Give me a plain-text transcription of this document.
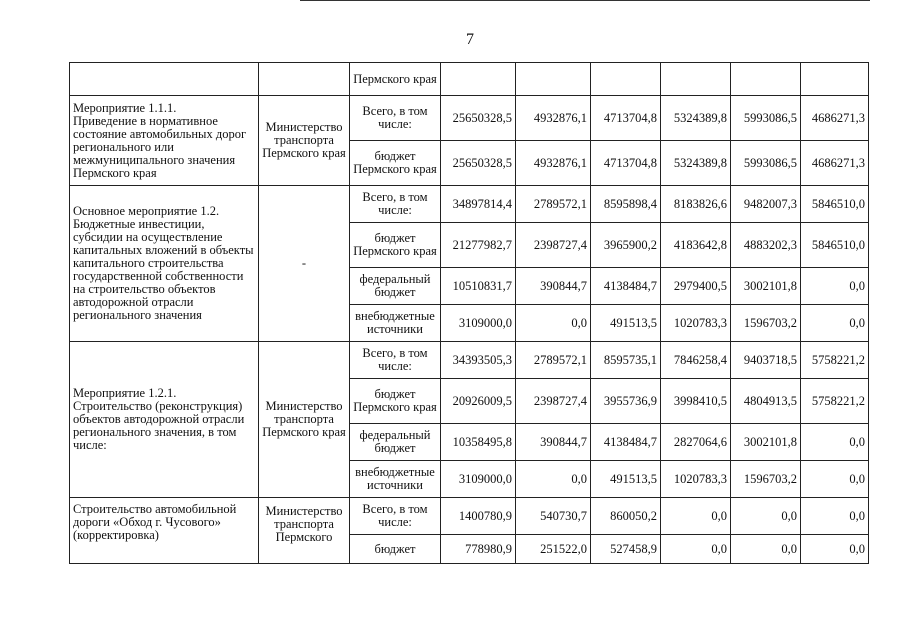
7
		Пермского края						
Мероприятие 1.1.1.
Приведение в нормативное состояние автомобильных дорог регионального или межмуниципального значения Пермского края	Министерство транспорта Пермского края	Всего, в том числе:	25650328,5	4932876,1	4713704,8	5324389,8	5993086,5	4686271,3
		бюджет Пермского края	25650328,5	4932876,1	4713704,8	5324389,8	5993086,5	4686271,3
Основное мероприятие 1.2.
Бюджетные инвестиции, субсидии на осуществление капитальных вложений в объекты капитального строительства государственной собственности
на строительство объектов автодорожной отрасли регионального значения	-	Всего, в том числе:	34897814,4	2789572,1	8595898,4	8183826,6	9482007,3	5846510,0
		бюджет Пермского края	21277982,7	2398727,4	3965900,2	4183642,8	4883202,3	5846510,0
		федеральный бюджет	10510831,7	390844,7	4138484,7	2979400,5	3002101,8	0,0
		внебюджетные источники	3109000,0	0,0	491513,5	1020783,3	1596703,2	0,0
Мероприятие 1.2.1.
Строительство (реконструкция) объектов автодорожной отрасли регионального значения, в том числе:	Министерство транспорта Пермского края	Всего, в том числе:	34393505,3	2789572,1	8595735,1	7846258,4	9403718,5	5758221,2
		бюджет Пермского края	20926009,5	2398727,4	3955736,9	3998410,5	4804913,5	5758221,2
		федеральный бюджет	10358495,8	390844,7	4138484,7	2827064,6	3002101,8	0,0
		внебюджетные источники	3109000,0	0,0	491513,5	1020783,3	1596703,2	0,0
Строительство автомобильной дороги «Обход г. Чусового» (корректировка)	Министерство транспорта Пермского	Всего, в том числе:	1400780,9	540730,7	860050,2	0,0	0,0	0,0
		бюджет	778980,9	251522,0	527458,9	0,0	0,0	0,0
